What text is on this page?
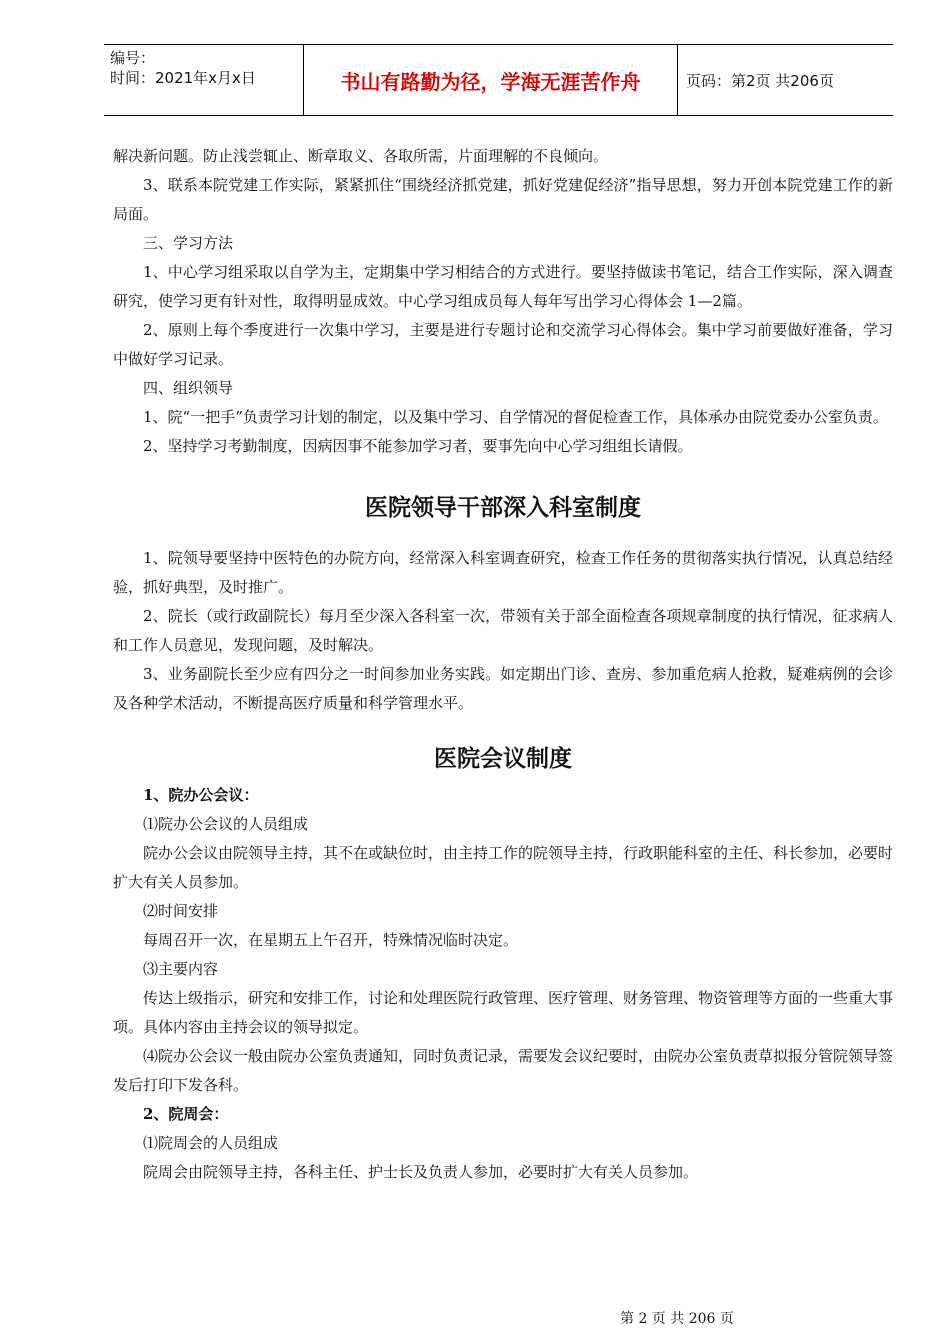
编号：
时间：2021年x月x日	书山有路勤为径，学海无涯苦作舟	页码：第2页 共206页

解决新问题。防止浅尝辄止、断章取义、各取所需，片面理解的不良倾向。

3、联系本院党建工作实际，紧紧抓住“围绕经济抓党建，抓好党建促经济”指导思想，努力开创本院党建工作的新局面。

三、学习方法

1、中心学习组采取以自学为主，定期集中学习相结合的方式进行。要坚持做读书笔记，结合工作实际，深入调查研究，使学习更有针对性，取得明显成效。中心学习组成员每人每年写出学习心得体会 1—2篇。

2、原则上每个季度进行一次集中学习，主要是进行专题讨论和交流学习心得体会。集中学习前要做好准备，学习中做好学习记录。

四、组织领导

1、院“一把手”负责学习计划的制定，以及集中学习、自学情况的督促检查工作，具体承办由院党委办公室负责。

2、坚持学习考勤制度，因病因事不能参加学习者，要事先向中心学习组组长请假。

医院领导干部深入科室制度

1、院领导要坚持中医特色的办院方向，经常深入科室调查研究，检查工作任务的贯彻落实执行情况，认真总结经验，抓好典型，及时推广。

2、院长（或行政副院长）每月至少深入各科室一次，带领有关于部全面检查各项规章制度的执行情况，征求病人和工作人员意见，发现问题，及时解决。

3、业务副院长至少应有四分之一时间参加业务实践。如定期出门诊、查房、参加重危病人抢救，疑难病例的会诊及各种学术活动，不断提高医疗质量和科学管理水平。

医院会议制度

1、院办公会议：

⑴院办公会议的人员组成

院办公会议由院领导主持，其不在或缺位时，由主持工作的院领导主持，行政职能科室的主任、科长参加，必要时扩大有关人员参加。

⑵时间安排

每周召开一次，在星期五上午召开，特殊情况临时决定。

⑶主要内容

传达上级指示，研究和安排工作，讨论和处理医院行政管理、医疗管理、财务管理、物资管理等方面的一些重大事项。具体内容由主持会议的领导拟定。

⑷院办公会议一般由院办公室负责通知，同时负责记录，需要发会议纪要时，由院办公室负责草拟报分管院领导签发后打印下发各科。

2、院周会：

⑴院周会的人员组成

院周会由院领导主持，各科主任、护士长及负责人参加，必要时扩大有关人员参加。

第 2 页 共 206 页
